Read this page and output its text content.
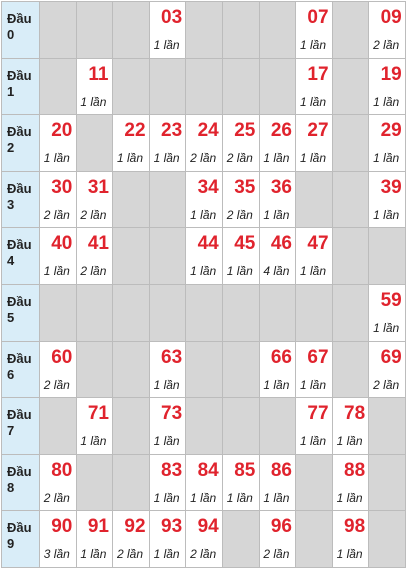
Đầu
0
03
1 lần
07
1 lần
09
2 lần
Đầu
1
11
1 lần
17
1 lần
19
1 lần
Đầu
2
20
1 lần
22
1 lần
23
1 lần
24
2 lần
25
2 lần
26
1 lần
27
1 lần
29
1 lần
Đầu
3
30
2 lần
31
2 lần
34
1 lần
35
2 lần
36
1 lần
39
1 lần
Đầu
4
40
1 lần
41
2 lần
44
1 lần
45
1 lần
46
4 lần
47
1 lần
Đầu
5
59
1 lần
Đầu
6
60
2 lần
63
1 lần
66
1 lần
67
1 lần
69
2 lần
Đầu
7
71
1 lần
73
1 lần
77
1 lần
78
1 lần
Đầu
8
80
2 lần
83
1 lần
84
1 lần
85
1 lần
86
1 lần
88
1 lần
Đầu
9
90
3 lần
91
1 lần
92
2 lần
93
1 lần
94
2 lần
96
2 lần
98
1 lần
